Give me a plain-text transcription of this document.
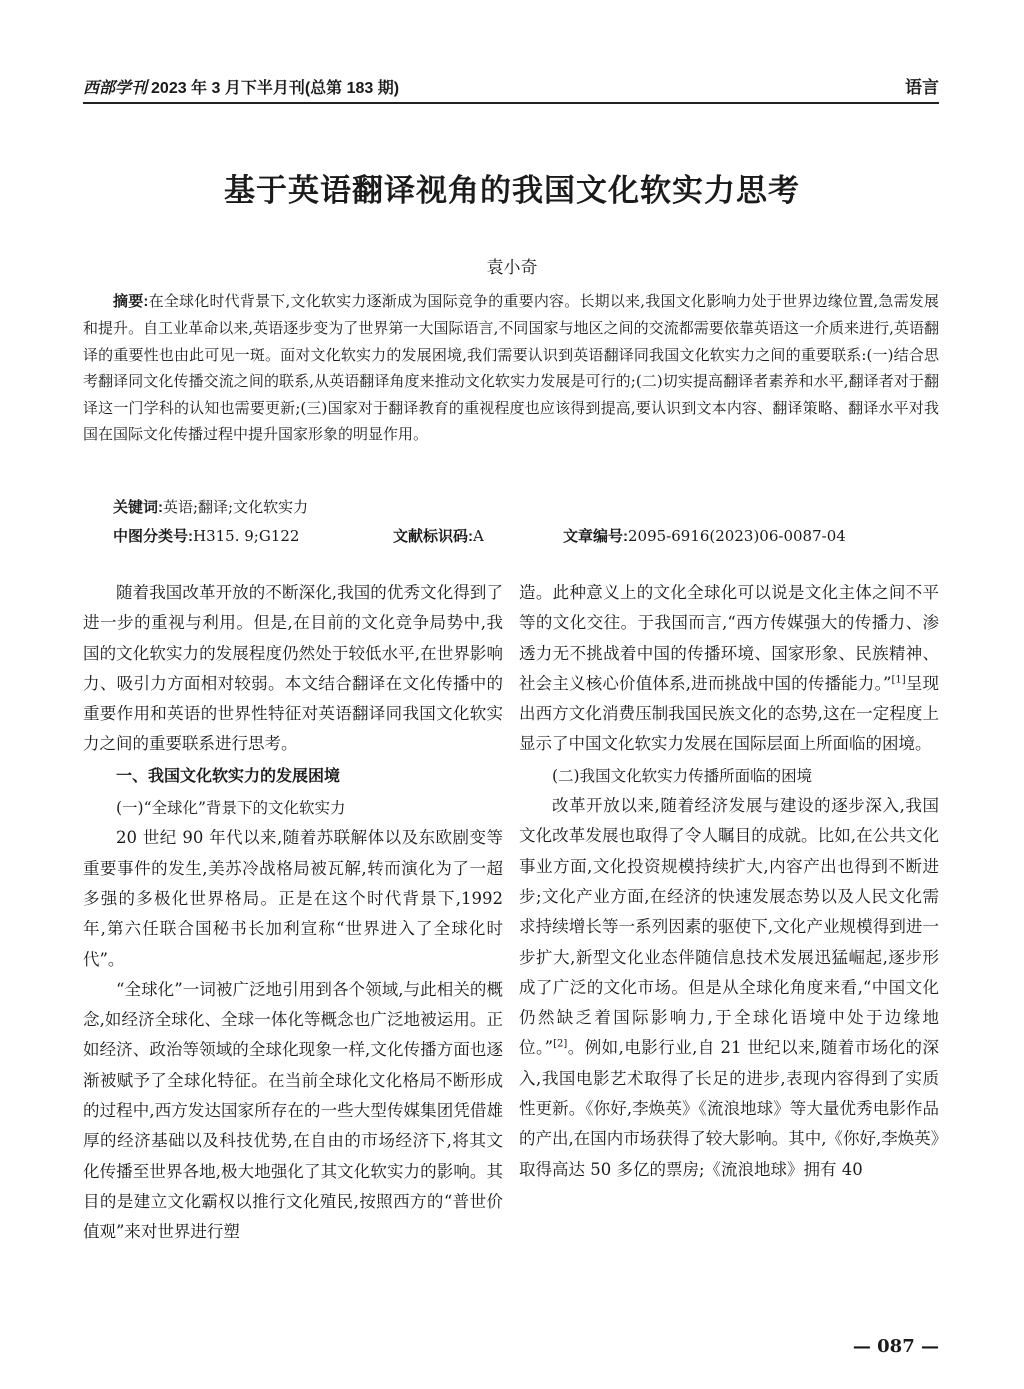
西部学刊 2023 年 3 月下半月刊(总第 183 期)	语言
基于英语翻译视角的我国文化软实力思考
袁小奇
摘要:在全球化时代背景下,文化软实力逐渐成为国际竞争的重要内容。长期以来,我国文化影响力处于世界边缘位置,急需发展和提升。自工业革命以来,英语逐步变为了世界第一大国际语言,不同国家与地区之间的交流都需要依靠英语这一介质来进行,英语翻译的重要性也由此可见一斑。面对文化软实力的发展困境,我们需要认识到英语翻译同我国文化软实力之间的重要联系:(一)结合思考翻译同文化传播交流之间的联系,从英语翻译角度来推动文化软实力发展是可行的;(二)切实提高翻译者素养和水平,翻译者对于翻译这一门学科的认知也需要更新;(三)国家对于翻译教育的重视程度也应该得到提高,要认识到文本内容、翻译策略、翻译水平对我国在国际文化传播过程中提升国家形象的明显作用。
关键词:英语;翻译;文化软实力
中图分类号:H315. 9;G122	文献标识码:A	文章编号:2095-6916(2023)06-0087-04

随着我国改革开放的不断深化,我国的优秀文化得到了进一步的重视与利用。但是,在目前的文化竞争局势中,我国的文化软实力的发展程度仍然处于较低水平,在世界影响力、吸引力方面相对较弱。本文结合翻译在文化传播中的重要作用和英语的世界性特征对英语翻译同我国文化软实力之间的重要联系进行思考。

一、我国文化软实力的发展困境

(一)“全球化”背景下的文化软实力

20 世纪 90 年代以来,随着苏联解体以及东欧剧变等重要事件的发生,美苏冷战格局被瓦解,转而演化为了一超多强的多极化世界格局。正是在这个时代背景下,1992 年,第六任联合国秘书长加利宣称“世界进入了全球化时代”。

“全球化”一词被广泛地引用到各个领域,与此相关的概念,如经济全球化、全球一体化等概念也广泛地被运用。正如经济、政治等领域的全球化现象一样,文化传播方面也逐渐被赋予了全球化特征。在当前全球化文化格局不断形成的过程中,西方发达国家所存在的一些大型传媒集团凭借雄厚的经济基础以及科技优势,在自由的市场经济下,将其文化传播至世界各地,极大地强化了其文化软实力的影响。其目的是建立文化霸权以推行文化殖民,按照西方的“普世价值观”来对世界进行塑

造。此种意义上的文化全球化可以说是文化主体之间不平等的文化交往。于我国而言,“西方传媒强大的传播力、渗透力无不挑战着中国的传播环境、国家形象、民族精神、社会主义核心价值体系,进而挑战中国的传播能力。”[1]呈现出西方文化消费压制我国民族文化的态势,这在一定程度上显示了中国文化软实力发展在国际层面上所面临的困境。

(二)我国文化软实力传播所面临的困境

改革开放以来,随着经济发展与建设的逐步深入,我国文化改革发展也取得了令人瞩目的成就。比如,在公共文化事业方面,文化投资规模持续扩大,内容产出也得到不断进步;文化产业方面,在经济的快速发展态势以及人民文化需求持续增长等一系列因素的驱使下,文化产业规模得到进一步扩大,新型文化业态伴随信息技术发展迅猛崛起,逐步形成了广泛的文化市场。但是从全球化角度来看,“中国文化仍然缺乏着国际影响力,于全球化语境中处于边缘地位。”[2]。例如,电影行业,自 21 世纪以来,随着市场化的深入,我国电影艺术取得了长足的进步,表现内容得到了实质性更新。《你好,李焕英》《流浪地球》等大量优秀电影作品的产出,在国内市场获得了较大影响。其中,《你好,李焕英》取得高达 50 多亿的票房;《流浪地球》拥有 40

— 087 —
